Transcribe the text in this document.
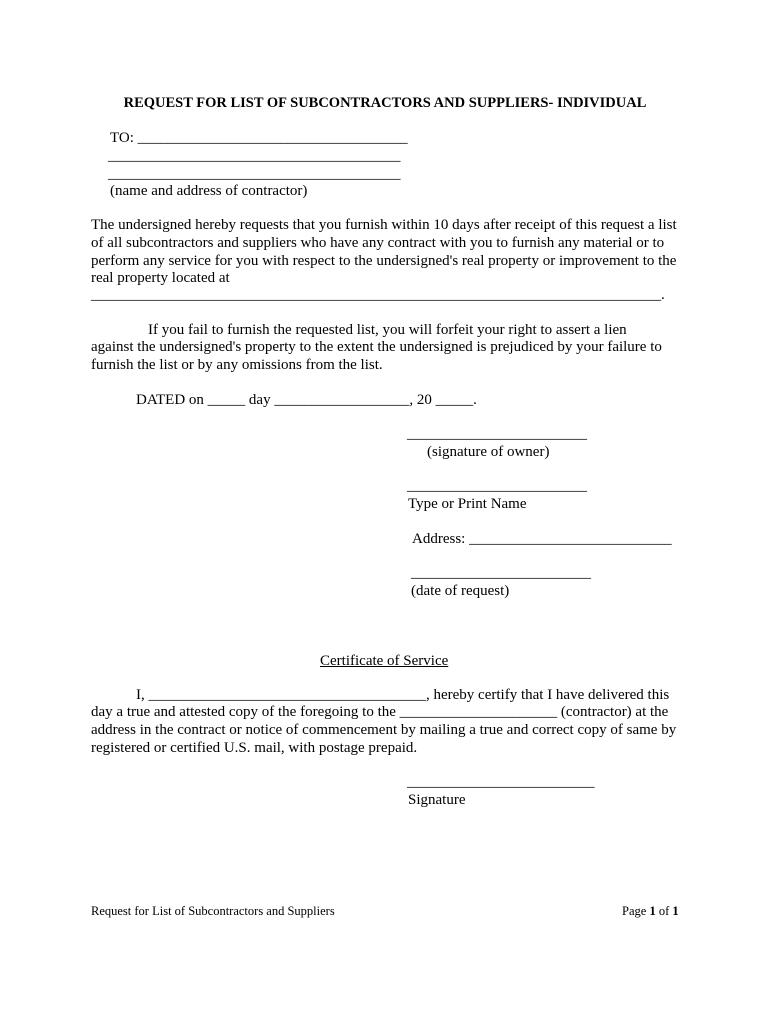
REQUEST FOR LIST OF SUBCONTRACTORS AND SUPPLIERS- INDIVIDUAL
TO: ____________________________________
_______________________________________
_______________________________________
(name and address of contractor)
The undersigned hereby requests that you furnish within 10 days after receipt of this request a list of all subcontractors and suppliers who have any contract with you to furnish any material or to perform any service for you with respect to the undersigned's real property or improvement to the real property located at
____________________________________________________________________________.
If you fail to furnish the requested list, you will forfeit your right to assert a lien
against the undersigned's property to the extent the undersigned is prejudiced by your failure to furnish the list or by any omissions from the list.
DATED on _____ day __________________, 20 _____.
________________________
(signature of owner)
________________________
Type or Print Name
Address: ___________________________
________________________
(date of request)
Certificate of Service
I, _____________________________________, hereby certify that I have delivered this
day a true and attested copy of the foregoing to the _____________________ (contractor) at the address in the contract or notice of commencement by mailing a true and correct copy of same by registered or certified U.S. mail, with postage prepaid.
_________________________
Signature
Request for List of Subcontractors and Suppliers	Page 1 of 1
